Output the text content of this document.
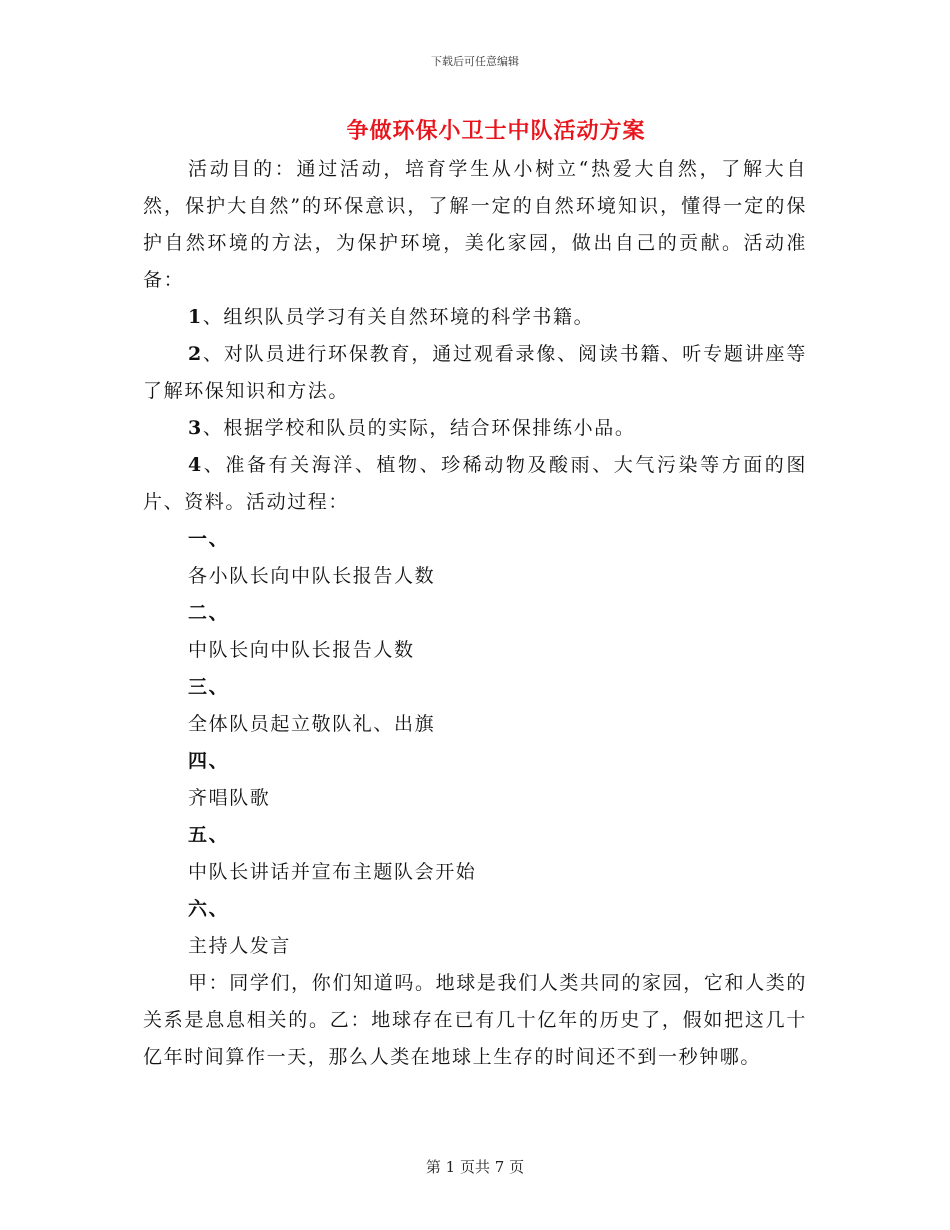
下载后可任意编辑
争做环保小卫士中队活动方案

活动目的：通过活动，培育学生从小树立“热爱大自然，了解大自然，保护大自然”的环保意识，了解一定的自然环境知识，懂得一定的保护自然环境的方法，为保护环境，美化家园，做出自己的贡献。活动准备：

1、组织队员学习有关自然环境的科学书籍。

2、对队员进行环保教育，通过观看录像、阅读书籍、听专题讲座等了解环保知识和方法。

3、根据学校和队员的实际，结合环保排练小品。

4、准备有关海洋、植物、珍稀动物及酸雨、大气污染等方面的图片、资料。活动过程：

一、

各小队长向中队长报告人数

二、

中队长向中队长报告人数

三、

全体队员起立敬队礼、出旗

四、

齐唱队歌

五、

中队长讲话并宣布主题队会开始

六、

主持人发言

甲：同学们，你们知道吗。地球是我们人类共同的家园，它和人类的关系是息息相关的。乙：地球存在已有几十亿年的历史了，假如把这几十亿年时间算作一天，那么人类在地球上生存的时间还不到一秒钟哪。

第 1 页共 7 页
